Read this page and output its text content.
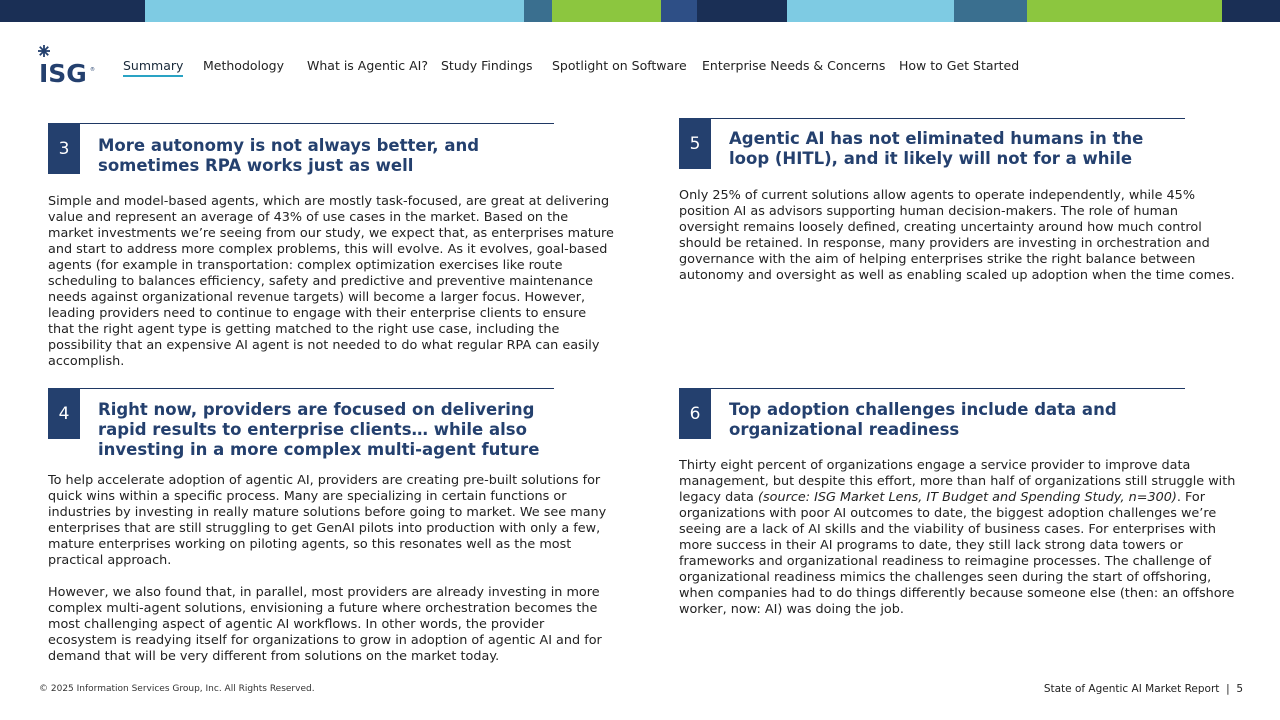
ISG ® Summary Methodology What is Agentic AI? Study Findings Spotlight on Software Enterprise Needs & Concerns How to Get Started
3	More autonomy is not always better, and sometimes RPA works just as well

Simple and model-based agents, which are mostly task-focused, are great at delivering value and represent an average of 43% of use cases in the market. Based on the market investments we’re seeing from our study, we expect that, as enterprises mature and start to address more complex problems, this will evolve. As it evolves, goal-based agents (for example in transportation: complex optimization exercises like route scheduling to balances efficiency, safety and predictive and preventive maintenance needs against organizational revenue targets) will become a larger focus. However, leading providers need to continue to engage with their enterprise clients to ensure that the right agent type is getting matched to the right use case, including the possibility that an expensive AI agent is not needed to do what regular RPA can easily accomplish.

4	Right now, providers are focused on delivering rapid results to enterprise clients… while also investing in a more complex multi-agent future

To help accelerate adoption of agentic AI, providers are creating pre-built solutions for quick wins within a specific process. Many are specializing in certain functions or industries by investing in really mature solutions before going to market. We see many enterprises that are still struggling to get GenAI pilots into production with only a few, mature enterprises working on piloting agents, so this resonates well as the most practical approach.

However, we also found that, in parallel, most providers are already investing in more complex multi-agent solutions, envisioning a future where orchestration becomes the most challenging aspect of agentic AI workflows. In other words, the provider ecosystem is readying itself for organizations to grow in adoption of agentic AI and for demand that will be very different from solutions on the market today.

5	Agentic AI has not eliminated humans in the loop (HITL), and it likely will not for a while

Only 25% of current solutions allow agents to operate independently, while 45% position AI as advisors supporting human decision-makers. The role of human oversight remains loosely defined, creating uncertainty around how much control should be retained. In response, many providers are investing in orchestration and governance with the aim of helping enterprises strike the right balance between autonomy and oversight as well as enabling scaled up adoption when the time comes.

6	Top adoption challenges include data and organizational readiness

Thirty eight percent of organizations engage a service provider to improve data management, but despite this effort, more than half of organizations still struggle with legacy data (source: ISG Market Lens, IT Budget and Spending Study, n=300). For organizations with poor AI outcomes to date, the biggest adoption challenges we’re seeing are a lack of AI skills and the viability of business cases. For enterprises with more success in their AI programs to date, they still lack strong data towers or frameworks and organizational readiness to reimagine processes. The challenge of organizational readiness mimics the challenges seen during the start of offshoring, when companies had to do things differently because someone else (then: an offshore worker, now: AI) was doing the job.

© 2025 Information Services Group, Inc. All Rights Reserved.	State of Agentic AI Market Report | 5
